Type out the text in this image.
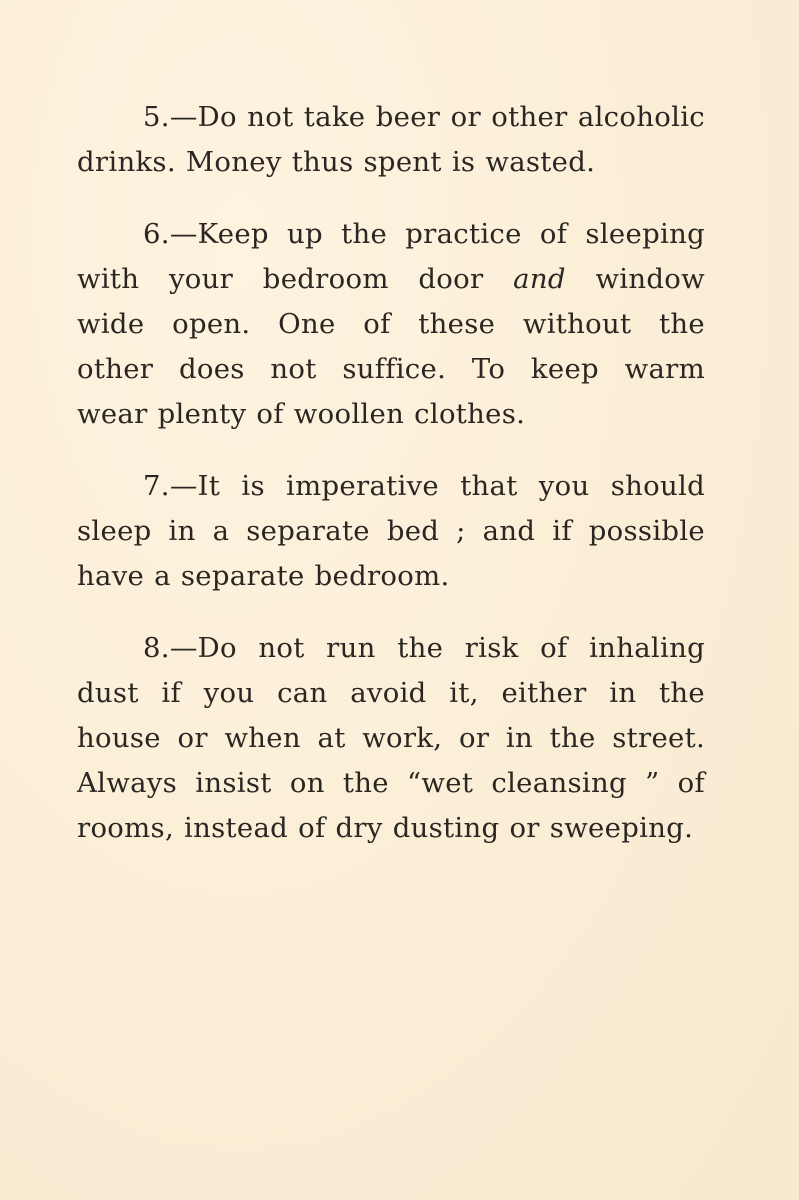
5.—Do not take beer or other alcoholic
drinks. Money thus spent is wasted.

6.—Keep up the practice of sleeping
with your bedroom door and window
wide open. One of these without the
other does not suffice. To keep warm
wear plenty of woollen clothes.

7.—It is imperative that you should
sleep in a separate bed ; and if possible
have a separate bedroom.

8.—Do not run the risk of inhaling
dust if you can avoid it, either in the
house or when at work, or in the street.
Always insist on the “wet cleansing ” of
rooms, instead of dry dusting or sweeping.
